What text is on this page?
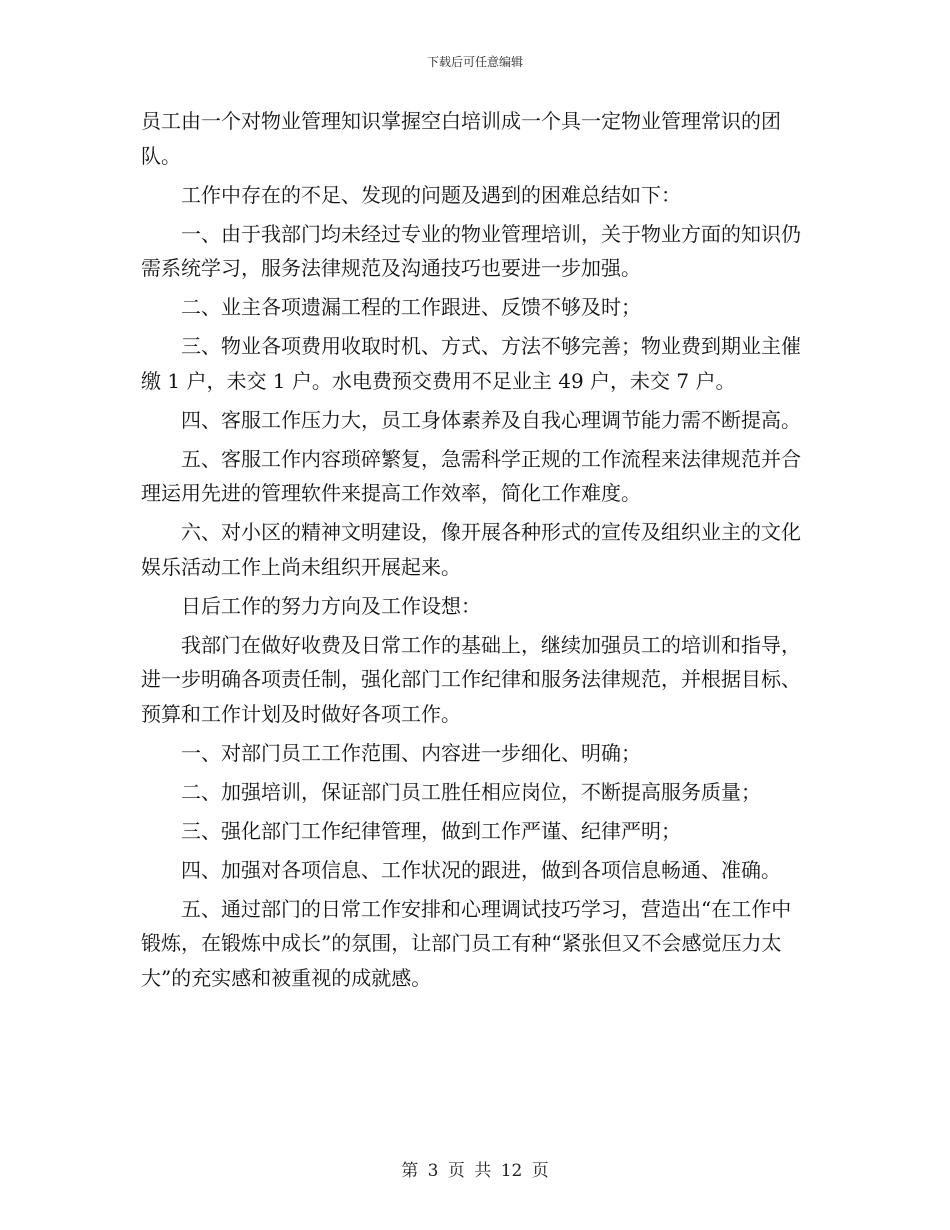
下载后可任意编辑

员工由一个对物业管理知识掌握空白培训成一个具一定物业管理常识的团队。

工作中存在的不足、发现的问题及遇到的困难总结如下：

一、由于我部门均未经过专业的物业管理培训，关于物业方面的知识仍需系统学习，服务法律规范及沟通技巧也要进一步加强。

二、业主各项遗漏工程的工作跟进、反馈不够及时；

三、物业各项费用收取时机、方式、方法不够完善；物业费到期业主催缴 1 户，未交 1 户。水电费预交费用不足业主 49 户，未交 7 户。

四、客服工作压力大，员工身体素养及自我心理调节能力需不断提高。

五、客服工作内容琐碎繁复，急需科学正规的工作流程来法律规范并合理运用先进的管理软件来提高工作效率，简化工作难度。

六、对小区的精神文明建设，像开展各种形式的宣传及组织业主的文化娱乐活动工作上尚未组织开展起来。

日后工作的努力方向及工作设想：

我部门在做好收费及日常工作的基础上，继续加强员工的培训和指导，进一步明确各项责任制，强化部门工作纪律和服务法律规范，并根据目标、预算和工作计划及时做好各项工作。

一、对部门员工工作范围、内容进一步细化、明确；

二、加强培训，保证部门员工胜任相应岗位，不断提高服务质量；

三、强化部门工作纪律管理，做到工作严谨、纪律严明；

四、加强对各项信息、工作状况的跟进，做到各项信息畅通、准确。

五、通过部门的日常工作安排和心理调试技巧学习，营造出“在工作中锻炼，在锻炼中成长”的氛围，让部门员工有种“紧张但又不会感觉压力太大”的充实感和被重视的成就感。

第 3 页 共 12 页
